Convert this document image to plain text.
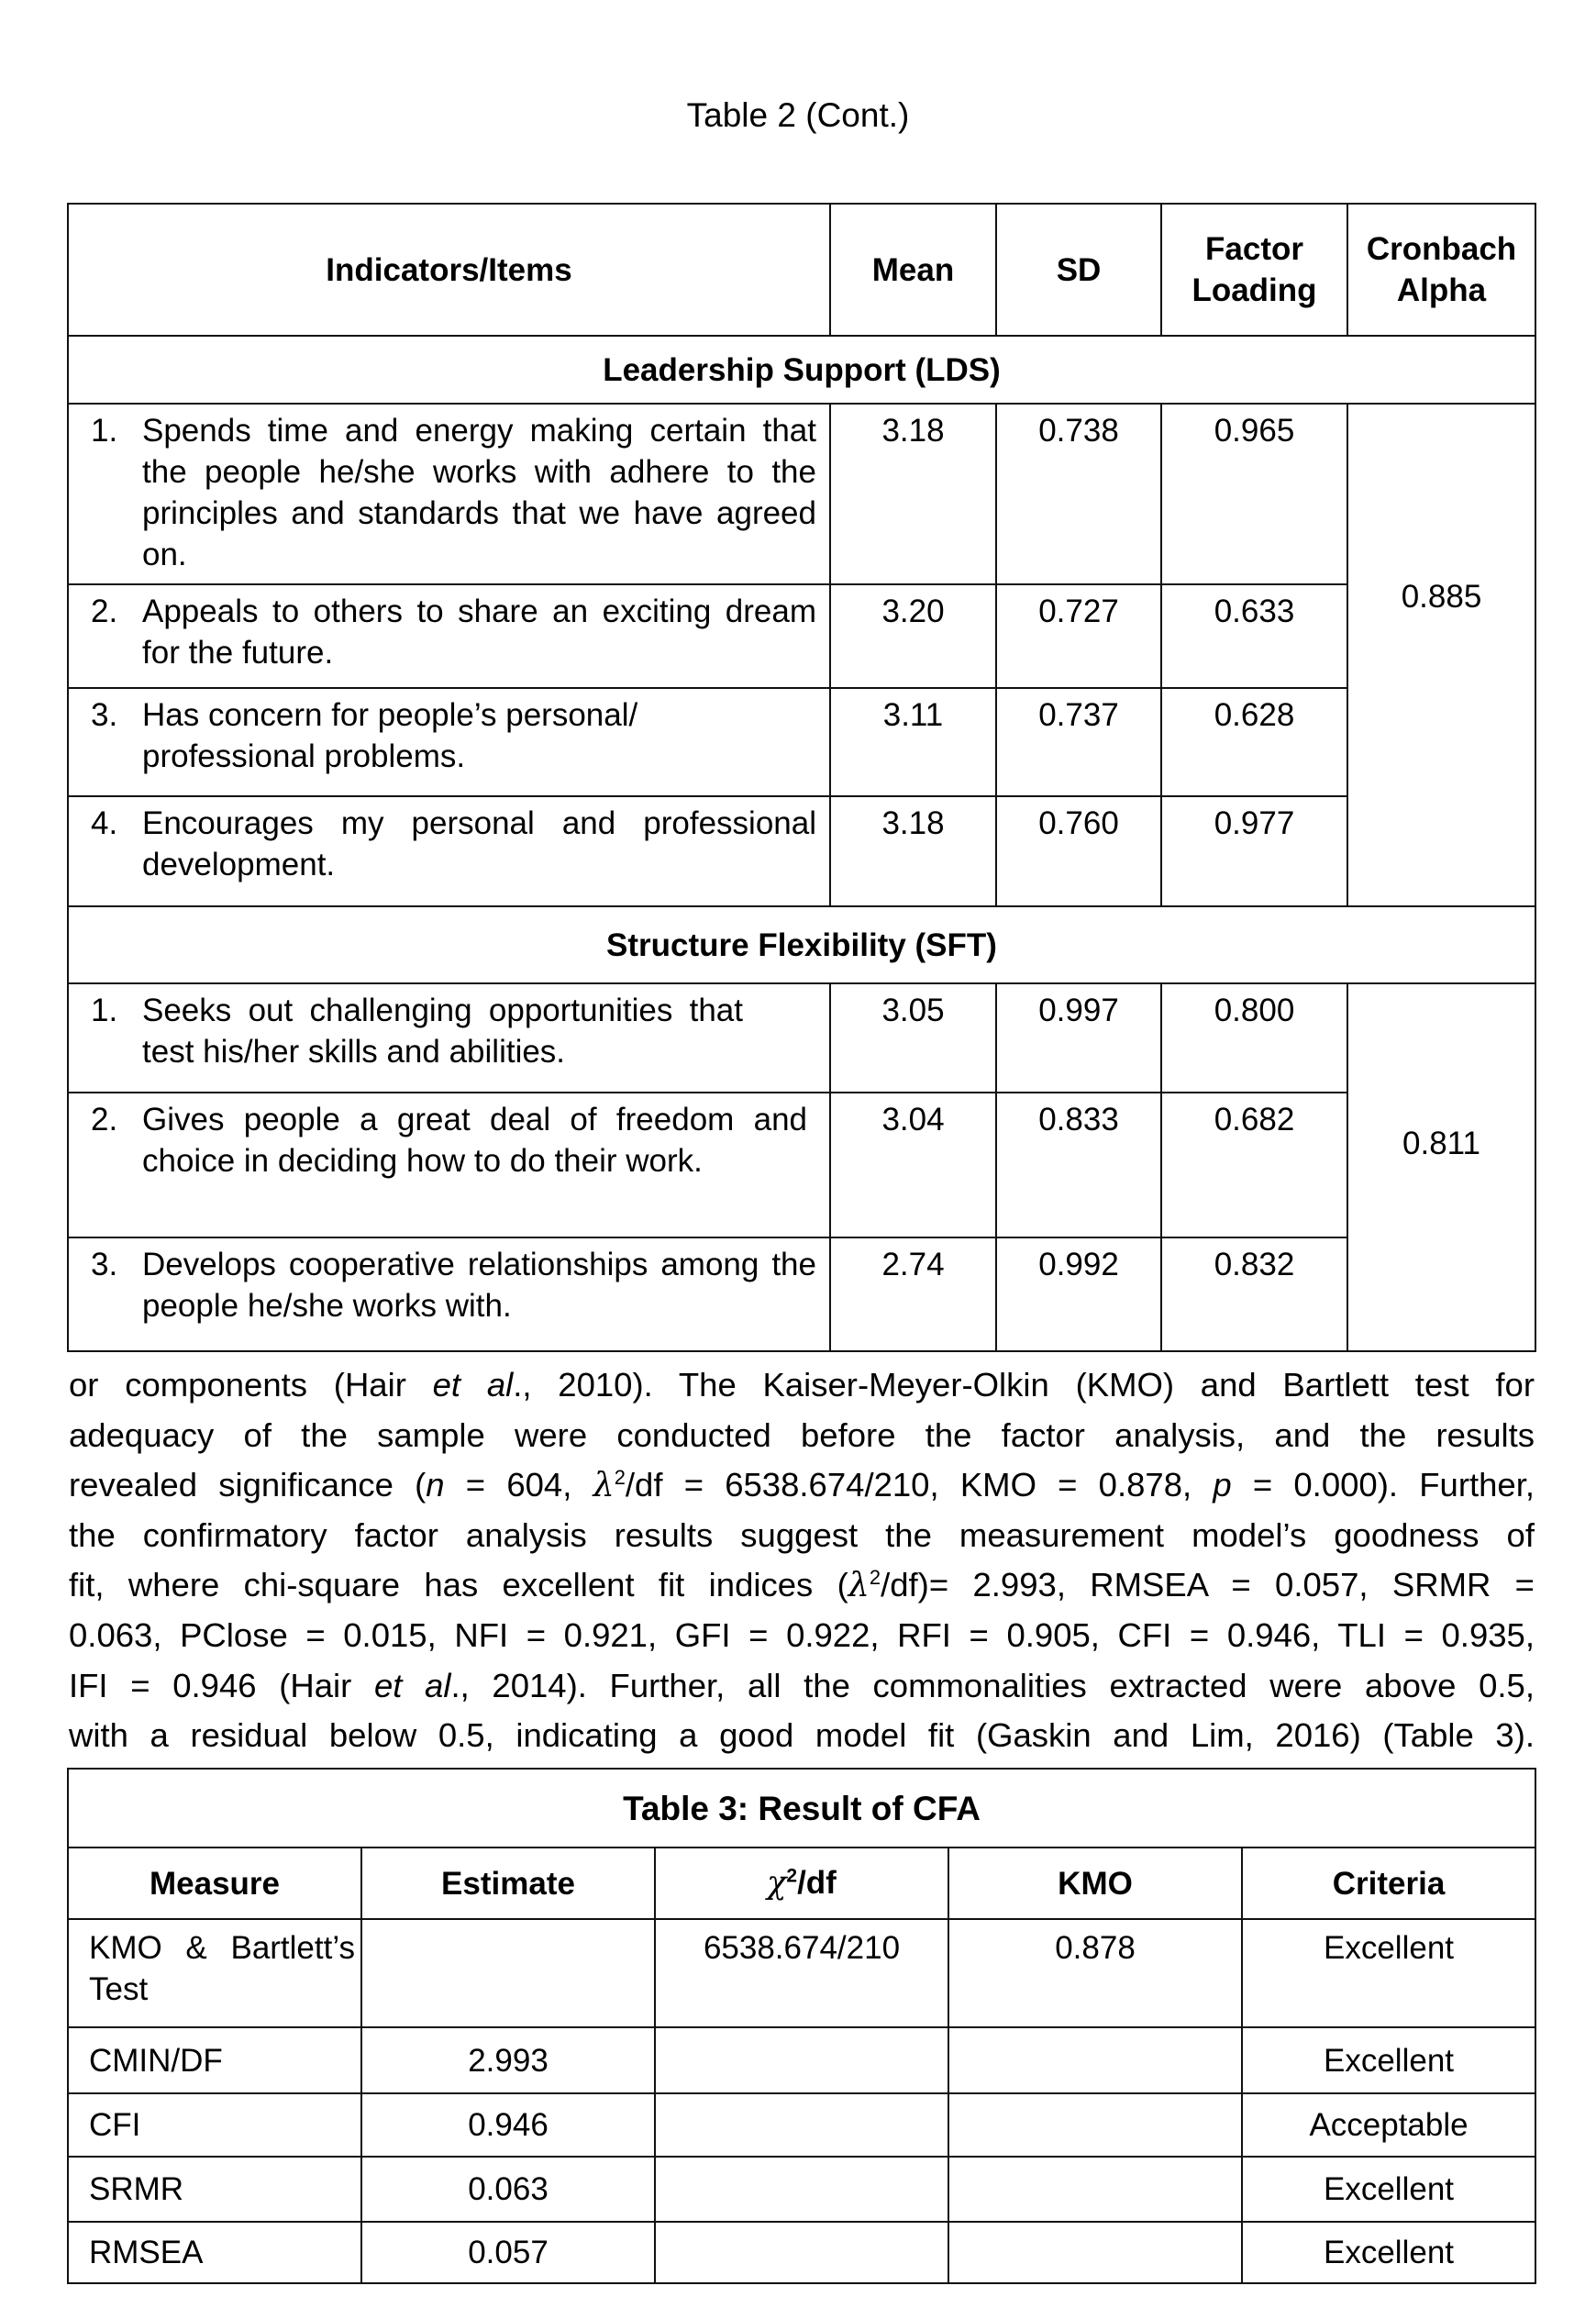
Table 2 (Cont.)
Indicators/Items	Mean	SD	Factor Loading	Cronbach Alpha
Leadership Support (LDS)				

1. Spends time and energy making certain that the people he/she works with adhere to the principles and standards that we have agreed on.	3.18	0.738	0.965	0.885

2. Appeals to others to share an exciting dream for the future.	3.20	0.727	0.633	

3. Has concern for people’s personal/ professional problems.	3.11	0.737	0.628	

4. Encourages my personal and professional development.	3.18	0.760	0.977	
Structure Flexibility (SFT)				

1. Seeks out challenging opportunities that test his/her skills and abilities.	3.05	0.997	0.800	0.811

2. Gives people a great deal of freedom and choice in deciding how to do their work.	3.04	0.833	0.682	

3. Develops cooperative relationships among the people he/she works with.	2.74	0.992	0.832	
or components (Hair et al., 2010). The Kaiser-Meyer-Olkin (KMO) and Bartlett test for
adequacy of the sample were conducted before the factor analysis, and the results
revealed significance (n = 604, $\lambda^2/df = 6538.674/210$, KMO = 0.878, p = 0.000). Further,
the confirmatory factor analysis results suggest the measurement model’s goodness of
fit, where chi-square has excellent fit indices $(\lambda^2/df)= 2.993$, RMSEA = 0.057, SRMR =
0.063, PClose = 0.015, NFI = 0.921, GFI = 0.922, RFI = 0.905, CFI = 0.946, TLI = 0.935,
IFI = 0.946 (Hair et al., 2014). Further, all the commonalities extracted were above 0.5,
with a residual below 0.5, indicating a good model fit (Gaskin and Lim, 2016) (Table 3).
Table 3: Result of CFA				
Measure	Estimate	$\chi^2/df$	KMO	Criteria
KMO & Bartlett’s Test		6538.674/210	0.878	Excellent
CMIN/DF	2.993			Excellent
CFI	0.946			Acceptable
SRMR	0.063			Excellent
RMSEA	0.057			Excellent
